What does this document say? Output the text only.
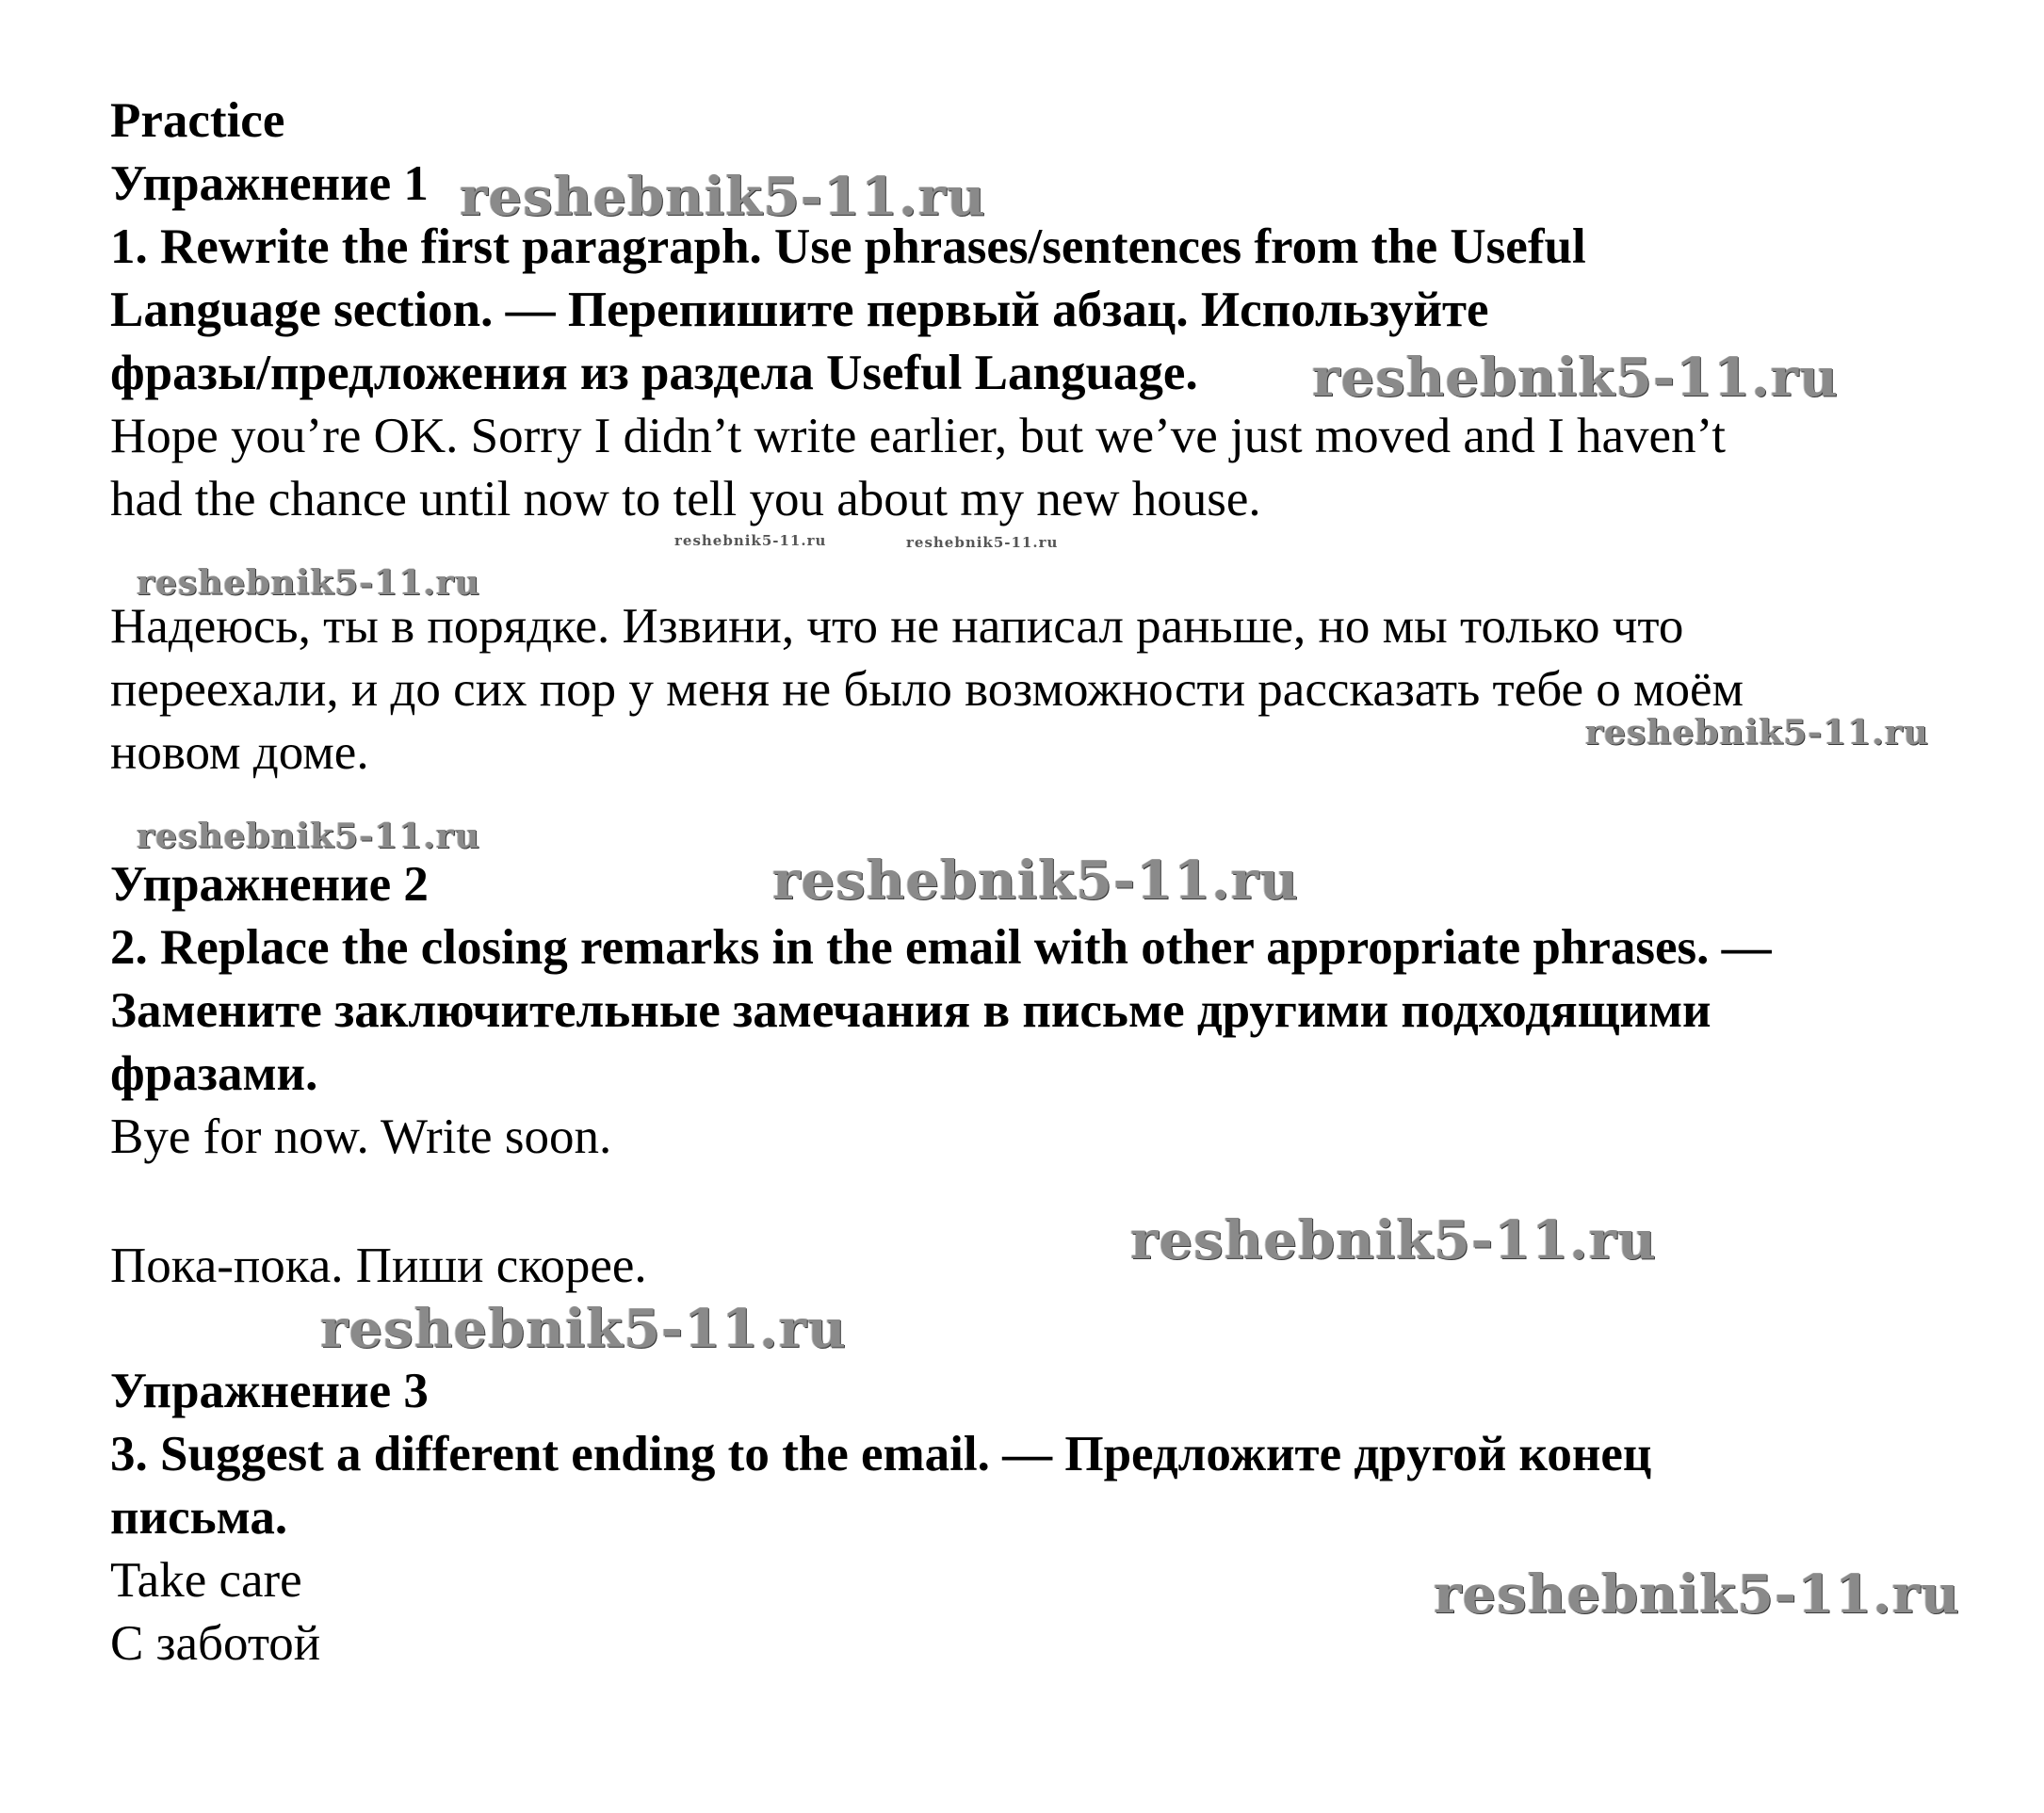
Practice
Упражнение 1
1. Rewrite the first paragraph. Use phrases/sentences from the Useful
Language section. — Перепишите первый абзац. Используйте
фразы/предложения из раздела Useful Language.
Hope you’re OK. Sorry I didn’t write earlier, but we’ve just moved and I haven’t
had the chance until now to tell you about my new house.
Надеюсь, ты в порядке. Извини, что не написал раньше, но мы только что
переехали, и до сих пор у меня не было возможности рассказать тебе о моём
новом доме.
Упражнение 2
2. Replace the closing remarks in the email with other appropriate phrases. —
Замените заключительные замечания в письме другими подходящими
фразами.
Bye for now. Write soon.
Пока-пока. Пиши скорее.
Упражнение 3
3. Suggest a different ending to the email. — Предложите другой конец
письма.
Take care
С заботой
reshebnik5-11.ru
reshebnik5-11.ru
reshebnik5-11.ru	reshebnik5-11.ru
reshebnik5-11.ru
reshebnik5-11.ru
reshebnik5-11.ru
reshebnik5-11.ru
reshebnik5-11.ru
reshebnik5-11.ru
reshebnik5-11.ru
